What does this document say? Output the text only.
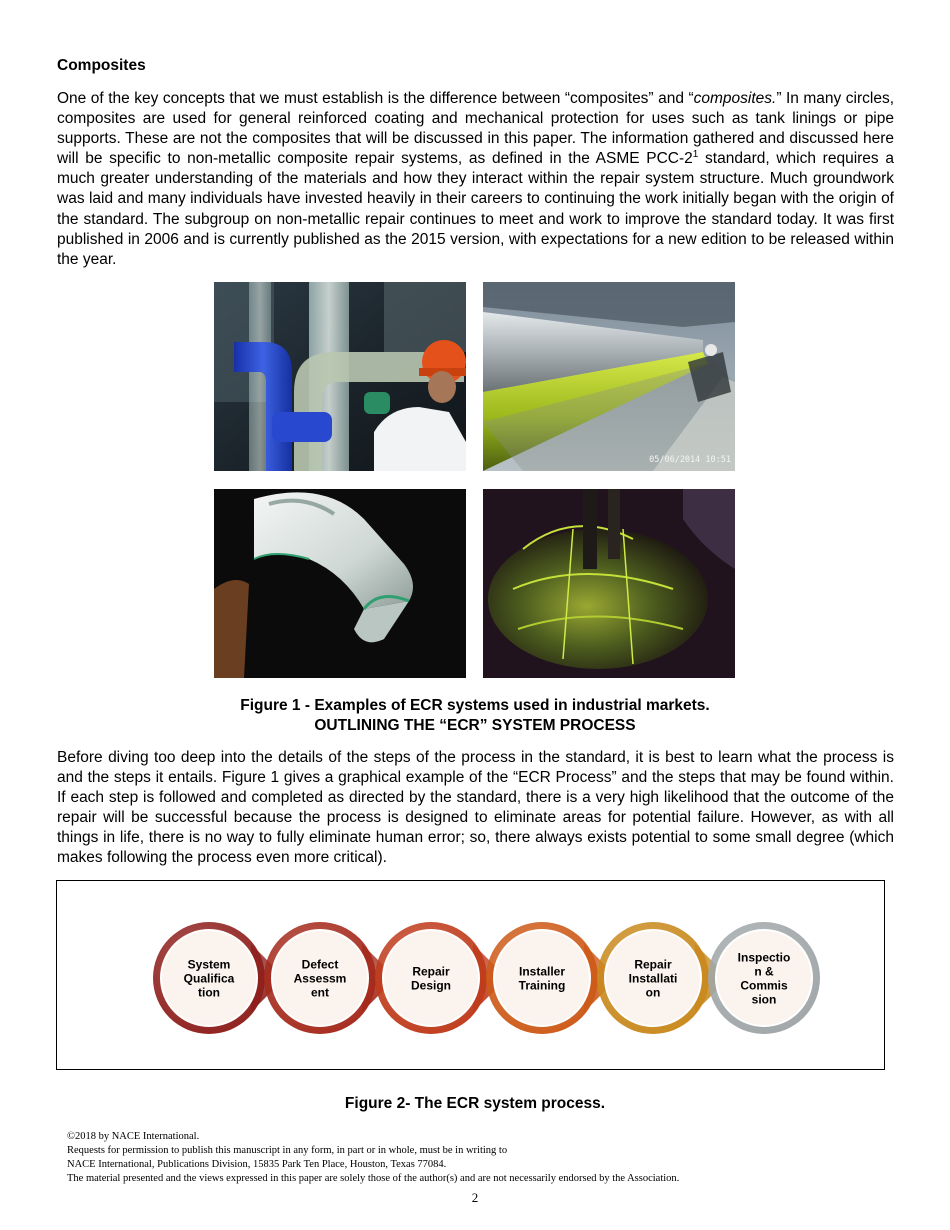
Composites
One of the key concepts that we must establish is the difference between “composites” and “composites.” In many circles, composites are used for general reinforced coating and mechanical protection for uses such as tank linings or pipe supports. These are not the composites that will be discussed in this paper. The information gathered and discussed here will be specific to non-metallic composite repair systems, as defined in the ASME PCC-$2^1$ standard, which requires a much greater understanding of the materials and how they interact within the repair system structure. Much groundwork was laid and many individuals have invested heavily in their careers to continuing the work initially began with the origin of the standard. The subgroup on non-metallic repair continues to meet and work to improve the standard today. It was first published in 2006 and is currently published as the 2015 version, with expectations for a new edition to be released within the year.
05/06/2014 10:51
Figure 1 - Examples of ECR systems used in industrial markets.
OUTLINING THE “ECR” SYSTEM PROCESS
Before diving too deep into the details of the steps of the process in the standard, it is best to learn what the process is and the steps it entails. Figure 1 gives a graphical example of the “ECR Process” and the steps that may be found within. If each step is followed and completed as directed by the standard, there is a very high likelihood that the outcome of the repair will be successful because the process is designed to eliminate areas for potential failure. However, as with all things in life, there is no way to fully eliminate human error; so, there always exists potential to some small degree (which makes following the process even more critical).
System
Qualifica
tion
Defect
Assessm
ent
Repair
Design
Installer
Training
Repair
Installati
on
Inspectio
n &
Commis
sion
Figure 2- The ECR system process.
©2018 by NACE International.
Requests for permission to publish this manuscript in any form, in part or in whole, must be in writing to
NACE International, Publications Division, 15835 Park Ten Place, Houston, Texas 77084.
The material presented and the views expressed in this paper are solely those of the author(s) and are not necessarily endorsed by the Association.
2
